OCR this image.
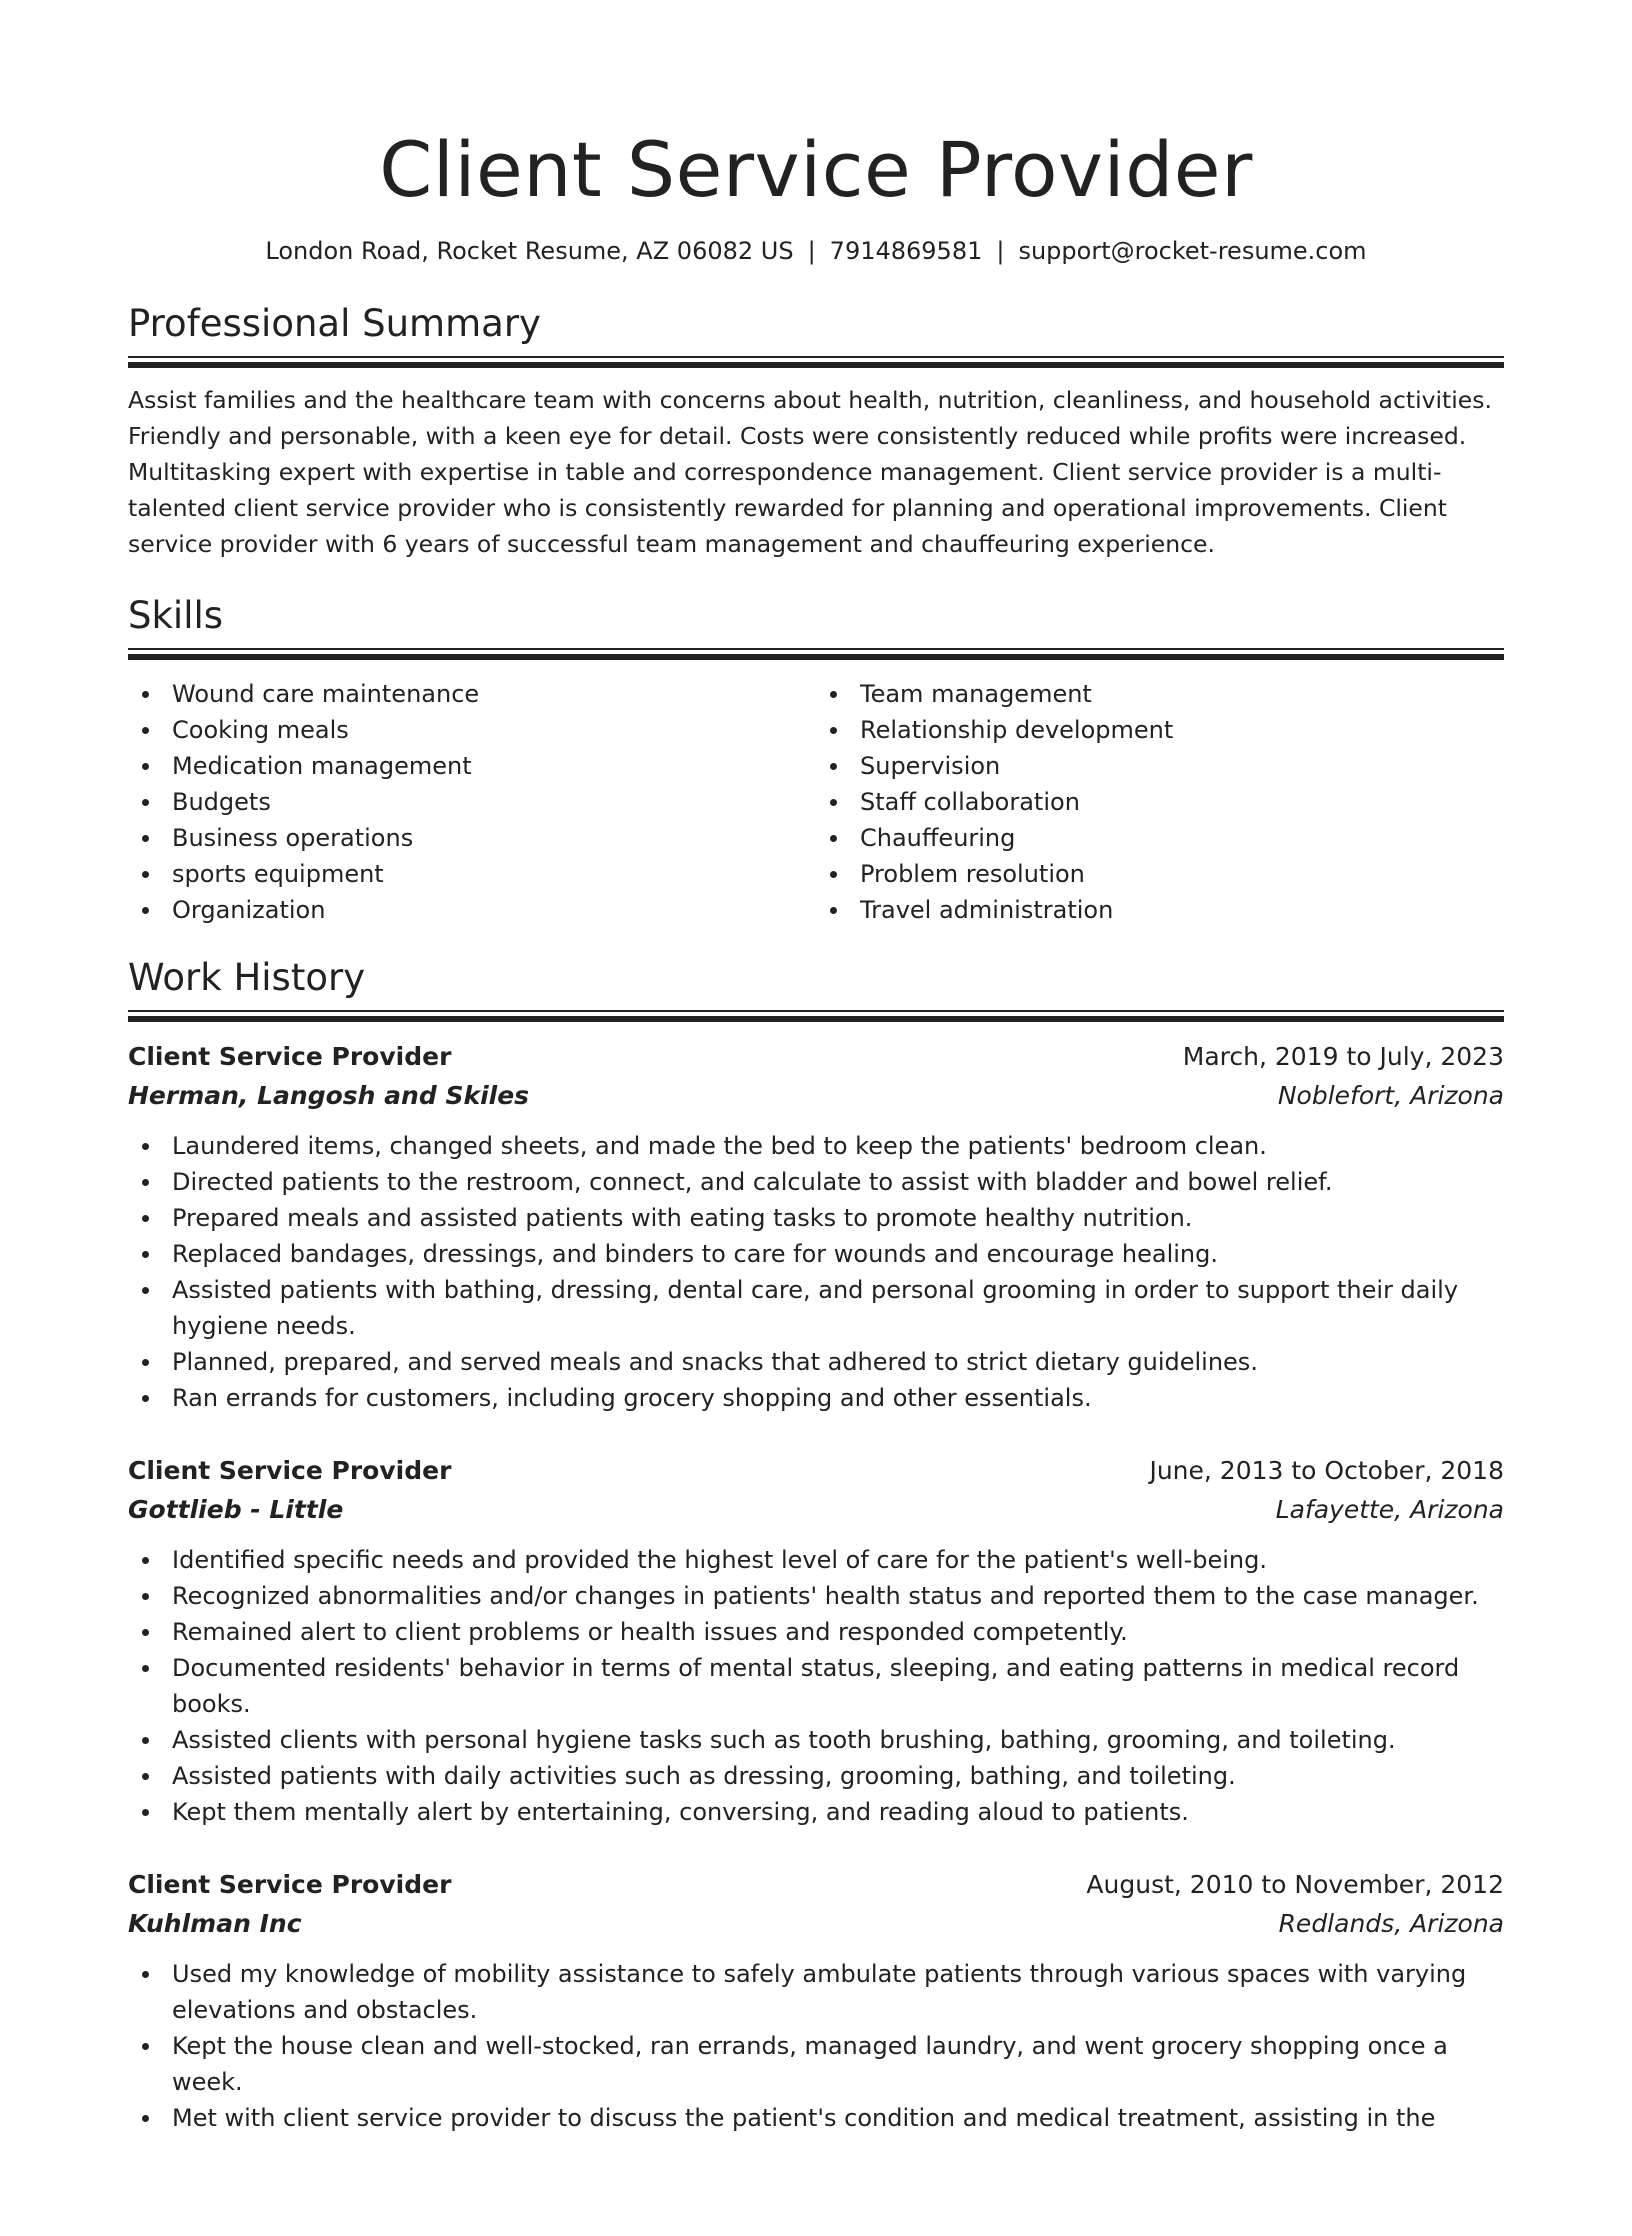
Client Service Provider
London Road, Rocket Resume, AZ 06082 US | 7914869581 | support@rocket-resume.com
Professional Summary

Assist families and the healthcare team with concerns about health, nutrition, cleanliness, and household activities. Friendly and personable, with a keen eye for detail. Costs were consistently reduced while profits were increased. Multitasking expert with expertise in table and correspondence management. Client service provider is a multi-talented client service provider who is consistently rewarded for planning and operational improvements. Client service provider with 6 years of successful team management and chauffeuring experience.

Skills
Wound care maintenance
Cooking meals
Medication management
Budgets
Business operations
sports equipment
Organization
Team management
Relationship development
Supervision
Staff collaboration
Chauffeuring
Problem resolution
Travel administration
Work History
Client Service Provider	March, 2019 to July, 2023
Herman, Langosh and Skiles	Noblefort, Arizona
Laundered items, changed sheets, and made the bed to keep the patients' bedroom clean.
Directed patients to the restroom, connect, and calculate to assist with bladder and bowel relief.
Prepared meals and assisted patients with eating tasks to promote healthy nutrition.
Replaced bandages, dressings, and binders to care for wounds and encourage healing.
Assisted patients with bathing, dressing, dental care, and personal grooming in order to support their daily hygiene needs.
Planned, prepared, and served meals and snacks that adhered to strict dietary guidelines.
Ran errands for customers, including grocery shopping and other essentials.
Client Service Provider	June, 2013 to October, 2018
Gottlieb - Little	Lafayette, Arizona
Identified specific needs and provided the highest level of care for the patient's well-being.
Recognized abnormalities and/or changes in patients' health status and reported them to the case manager.
Remained alert to client problems or health issues and responded competently.
Documented residents' behavior in terms of mental status, sleeping, and eating patterns in medical record books.
Assisted clients with personal hygiene tasks such as tooth brushing, bathing, grooming, and toileting.
Assisted patients with daily activities such as dressing, grooming, bathing, and toileting.
Kept them mentally alert by entertaining, conversing, and reading aloud to patients.
Client Service Provider	August, 2010 to November, 2012
Kuhlman Inc	Redlands, Arizona
Used my knowledge of mobility assistance to safely ambulate patients through various spaces with varying elevations and obstacles.
Kept the house clean and well-stocked, ran errands, managed laundry, and went grocery shopping once a week.
Met with client service provider to discuss the patient's condition and medical treatment, assisting in the
